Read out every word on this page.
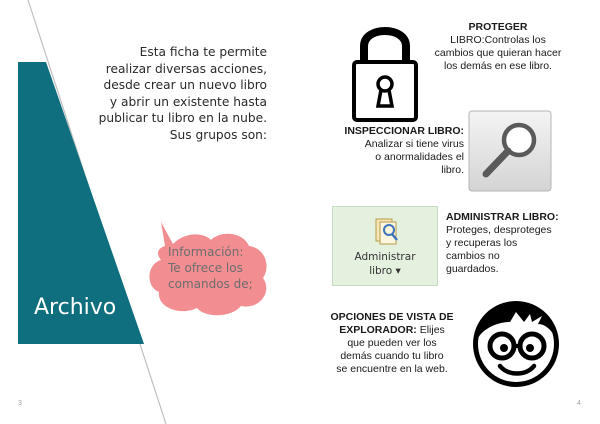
Archivo
Esta ficha te permite
realizar diversas acciones,
desde crear un nuevo libro
y abrir un existente hasta
publicar tu libro en la nube.
Sus grupos son:
Información:
Te ofrece los
comandos de;
PROTEGER
LIBRO:Controlas los
cambios que quieran hacer
los demás en ese libro.
INSPECCIONAR LIBRO:
Analizar si tiene virus
o anormalidades el
libro.
Administrar
libro ▾
ADMINISTRAR LIBRO:
Proteges, desproteges
y recuperas los
cambios no
guardados.
OPCIONES DE VISTA DE
EXPLORADOR: Elijes
que pueden ver los
demás cuando tu libro
se encuentre en la web.
3	4
